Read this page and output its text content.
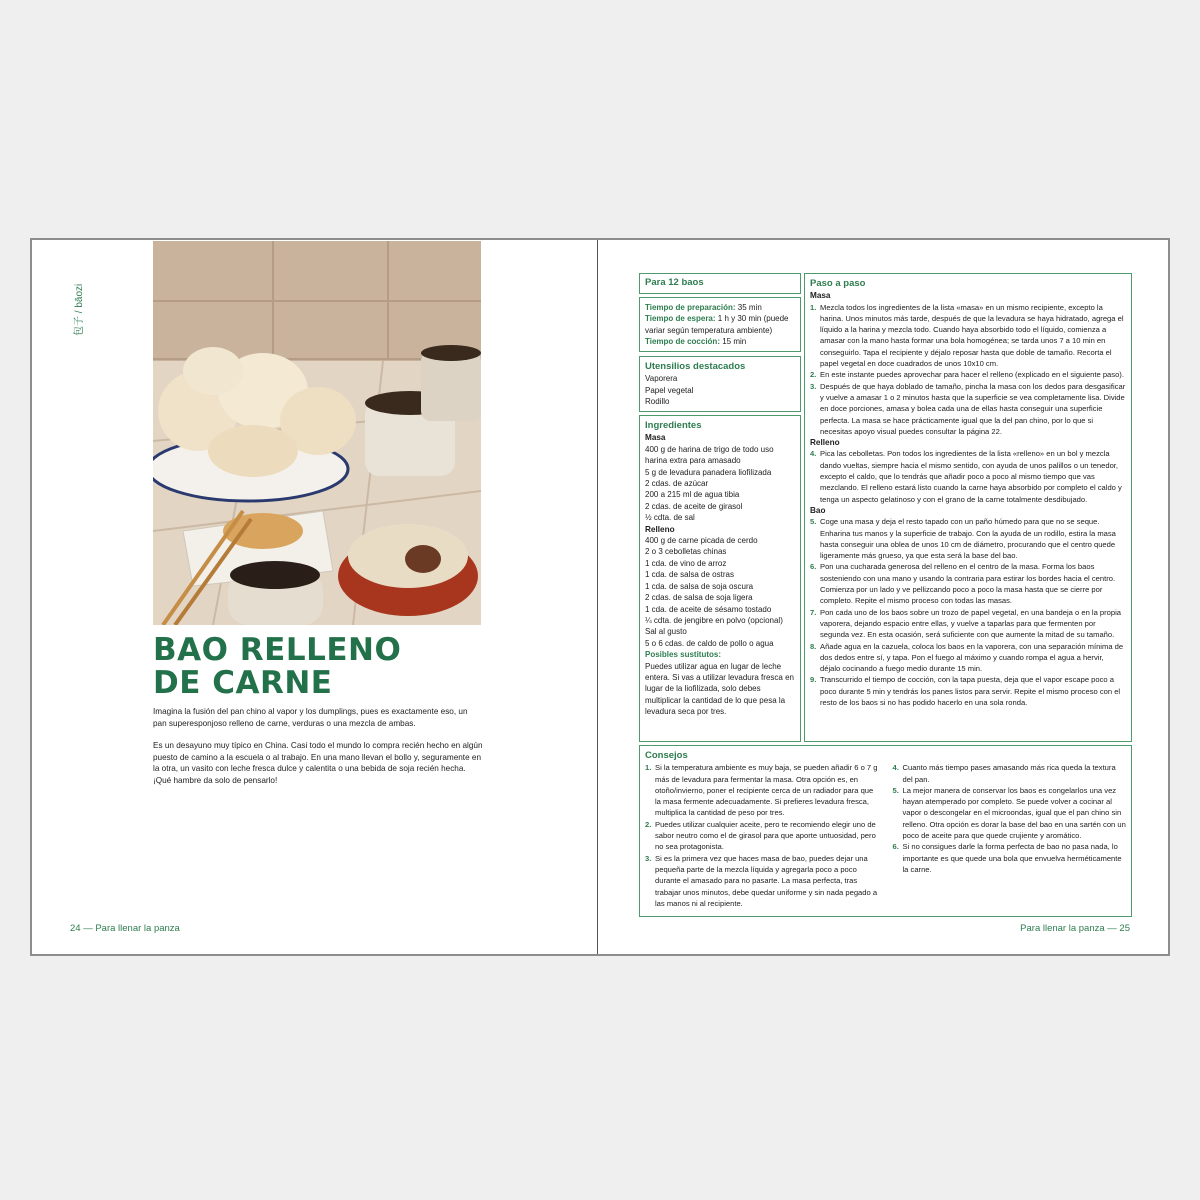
包子 / bāozi
BAO RELLENO
DE CARNE

Imagina la fusión del pan chino al vapor y los dumplings, pues es exactamente eso, un pan superesponjoso relleno de carne, verduras o una mezcla de ambas.

Es un desayuno muy típico en China. Casi todo el mundo lo compra recién hecho en algún puesto de camino a la escuela o al trabajo. En una mano llevan el bollo y, seguramente en la otra, un vasito con leche fresca dulce y calentita o una bebida de soja recién hecha. ¡Qué hambre da solo de pensarlo!

24 — Para llenar la panza
Para 12 baos
Tiempo de preparación: 35 min
Tiempo de espera: 1 h y 30 min (puede variar según temperatura ambiente)
Tiempo de cocción: 15 min
Utensilios destacados
Vaporera
Papel vegetal
Rodillo
Ingredientes
Masa
400 g de harina de trigo de todo uso
harina extra para amasado
5 g de levadura panadera liofilizada
2 cdas. de azúcar
200 a 215 ml de agua tibia
2 cdas. de aceite de girasol
½ cdta. de sal
Relleno
400 g de carne picada de cerdo
2 o 3 cebolletas chinas
1 cda. de vino de arroz
1 cda. de salsa de ostras
1 cda. de salsa de soja oscura
2 cdas. de salsa de soja ligera
1 cda. de aceite de sésamo tostado
¼ cdta. de jengibre en polvo (opcional)
Sal al gusto
5 o 6 cdas. de caldo de pollo o agua
Posibles sustitutos:
Puedes utilizar agua en lugar de leche entera. Si vas a utilizar levadura fresca en lugar de la liofilizada, solo debes multiplicar la cantidad de lo que pesa la levadura seca por tres.
Paso a paso
Masa
1. Mezcla todos los ingredientes de la lista «masa» en un mismo recipiente, excepto la harina. Unos minutos más tarde, después de que la levadura se haya hidratado, agrega el líquido a la harina y mezcla todo. Cuando haya absorbido todo el líquido, comienza a amasar con la mano hasta formar una bola homogénea; se tarda unos 7 a 10 min en conseguirlo. Tapa el recipiente y déjalo reposar hasta que doble de tamaño. Recorta el papel vegetal en doce cuadrados de unos 10x10 cm.
2. En este instante puedes aprovechar para hacer el relleno (explicado en el siguiente paso).
3. Después de que haya doblado de tamaño, pincha la masa con los dedos para desgasificar y vuelve a amasar 1 o 2 minutos hasta que la superficie se vea completamente lisa. Divide en doce porciones, amasa y bolea cada una de ellas hasta conseguir una superficie perfecta. La masa se hace prácticamente igual que la del pan chino, por lo que si necesitas apoyo visual puedes consultar la página 22.
Relleno
4. Pica las cebolletas. Pon todos los ingredientes de la lista «relleno» en un bol y mezcla dando vueltas, siempre hacia el mismo sentido, con ayuda de unos palillos o un tenedor, excepto el caldo, que lo tendrás que añadir poco a poco al mismo tiempo que vas mezclando. El relleno estará listo cuando la carne haya absorbido por completo el caldo y tenga un aspecto gelatinoso y con el grano de la carne totalmente desdibujado.
Bao
5. Coge una masa y deja el resto tapado con un paño húmedo para que no se seque. Enharina tus manos y la superficie de trabajo. Con la ayuda de un rodillo, estira la masa hasta conseguir una oblea de unos 10 cm de diámetro, procurando que el centro quede ligeramente más grueso, ya que esta será la base del bao.
6. Pon una cucharada generosa del relleno en el centro de la masa. Forma los baos sosteniendo con una mano y usando la contraria para estirar los bordes hacia el centro. Comienza por un lado y ve pellizcando poco a poco la masa hasta que se cierre por completo. Repite el mismo proceso con todas las masas.
7. Pon cada uno de los baos sobre un trozo de papel vegetal, en una bandeja o en la propia vaporera, dejando espacio entre ellas, y vuelve a taparlas para que fermenten por segunda vez. En esta ocasión, será suficiente con que aumente la mitad de su tamaño.
8. Añade agua en la cazuela, coloca los baos en la vaporera, con una separación mínima de dos dedos entre sí, y tapa. Pon el fuego al máximo y cuando rompa el agua a hervir, déjalo cocinando a fuego medio durante 15 min.
9. Transcurrido el tiempo de cocción, con la tapa puesta, deja que el vapor escape poco a poco durante 5 min y tendrás los panes listos para servir. Repite el mismo proceso con el resto de los baos si no has podido hacerlo en una sola ronda.
Consejos
1. Si la temperatura ambiente es muy baja, se pueden añadir 6 o 7 g más de levadura para fermentar la masa. Otra opción es, en otoño/invierno, poner el recipiente cerca de un radiador para que la masa fermente adecuadamente. Si prefieres levadura fresca, multiplica la cantidad de peso por tres.
2. Puedes utilizar cualquier aceite, pero te recomiendo elegir uno de sabor neutro como el de girasol para que aporte untuosidad, pero no sea protagonista.
3. Si es la primera vez que haces masa de bao, puedes dejar una pequeña parte de la mezcla líquida y agregarla poco a poco durante el amasado para no pasarte. La masa perfecta, tras trabajar unos minutos, debe quedar uniforme y sin nada pegado a las manos ni al recipiente.
4. Cuanto más tiempo pases amasando más rica queda la textura del pan.
5. La mejor manera de conservar los baos es congelarlos una vez hayan atemperado por completo. Se puede volver a cocinar al vapor o descongelar en el microondas, igual que el pan chino sin relleno. Otra opción es dorar la base del bao en una sartén con un poco de aceite para que quede crujiente y aromático.
6. Si no consigues darle la forma perfecta de bao no pasa nada, lo importante es que quede una bola que envuelva herméticamente la carne.
Para llenar la panza — 25
